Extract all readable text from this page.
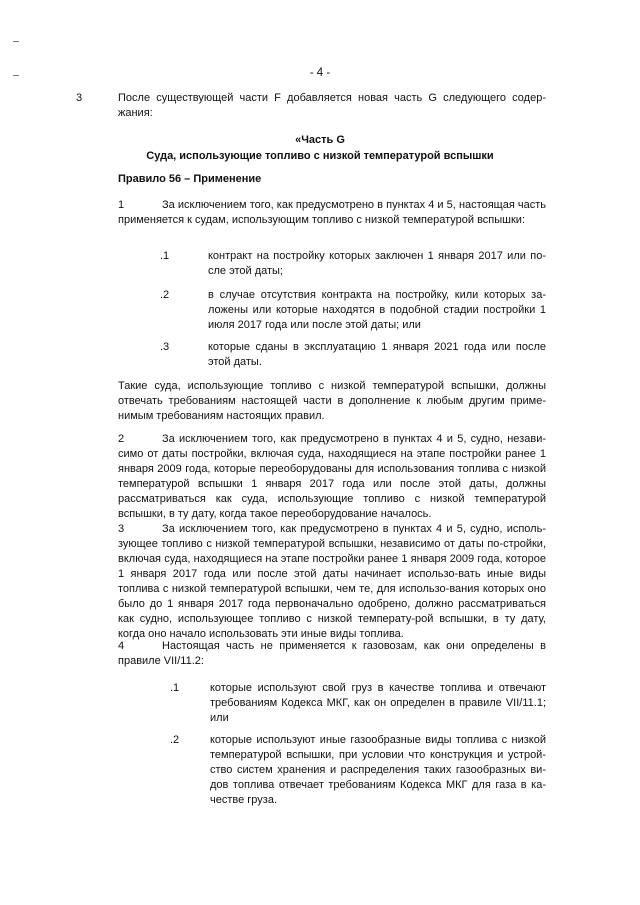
- 4 -
3	После существующей части F добавляется новая часть G следующего содер-жания:
«Часть G
Суда, использующие топливо с низкой температурой вспышки
Правило 56 – Применение
1	За исключением того, как предусмотрено в пунктах 4 и 5, настоящая часть применяется к судам, использующим топливо с низкой температурой вспышки:
.1	контракт на постройку которых заключен 1 января 2017 или по-сле этой даты;
.2	в случае отсутствия контракта на постройку, кили которых за-ложены или которые находятся в подобной стадии постройки 1 июля 2017 года или после этой даты; или
.3	которые сданы в эксплуатацию 1 января 2021 года или после этой даты.
Такие суда, использующие топливо с низкой температурой вспышки, должны отвечать требованиям настоящей части в дополнение к любым другим приме-нимым требованиям настоящих правил.
2	За исключением того, как предусмотрено в пунктах 4 и 5, судно, незави-симо от даты постройки, включая суда, находящиеся на этапе постройки ранее 1 января 2009 года, которые переоборудованы для использования топлива с низкой температурой вспышки 1 января 2017 года или после этой даты, должны рассматриваться как суда, использующие топливо с низкой температурой вспышки, в ту дату, когда такое переоборудование началось.
3	За исключением того, как предусмотрено в пунктах 4 и 5, судно, исполь-зующее топливо с низкой температурой вспышки, независимо от даты по-стройки, включая суда, находящиеся на этапе постройки ранее 1 января 2009 года, которое 1 января 2017 года или после этой даты начинает использо-вать иные виды топлива с низкой температурой вспышки, чем те, для использо-вания которых оно было до 1 января 2017 года первоначально одобрено, должно рассматриваться как судно, использующее топливо с низкой температу-рой вспышки, в ту дату, когда оно начало использовать эти иные виды топлива.
4	Настоящая часть не применяется к газовозам, как они определены в правиле VII/11.2:
.1	которые используют свой груз в качестве топлива и отвечают требованиям Кодекса МКГ, как он определен в правиле VII/11.1; или
.2	которые используют иные газообразные виды топлива с низкой температурой вспышки, при условии что конструкция и устрой-ство систем хранения и распределения таких газообразных ви-дов топлива отвечает требованиям Кодекса МКГ для газа в ка-честве груза.
